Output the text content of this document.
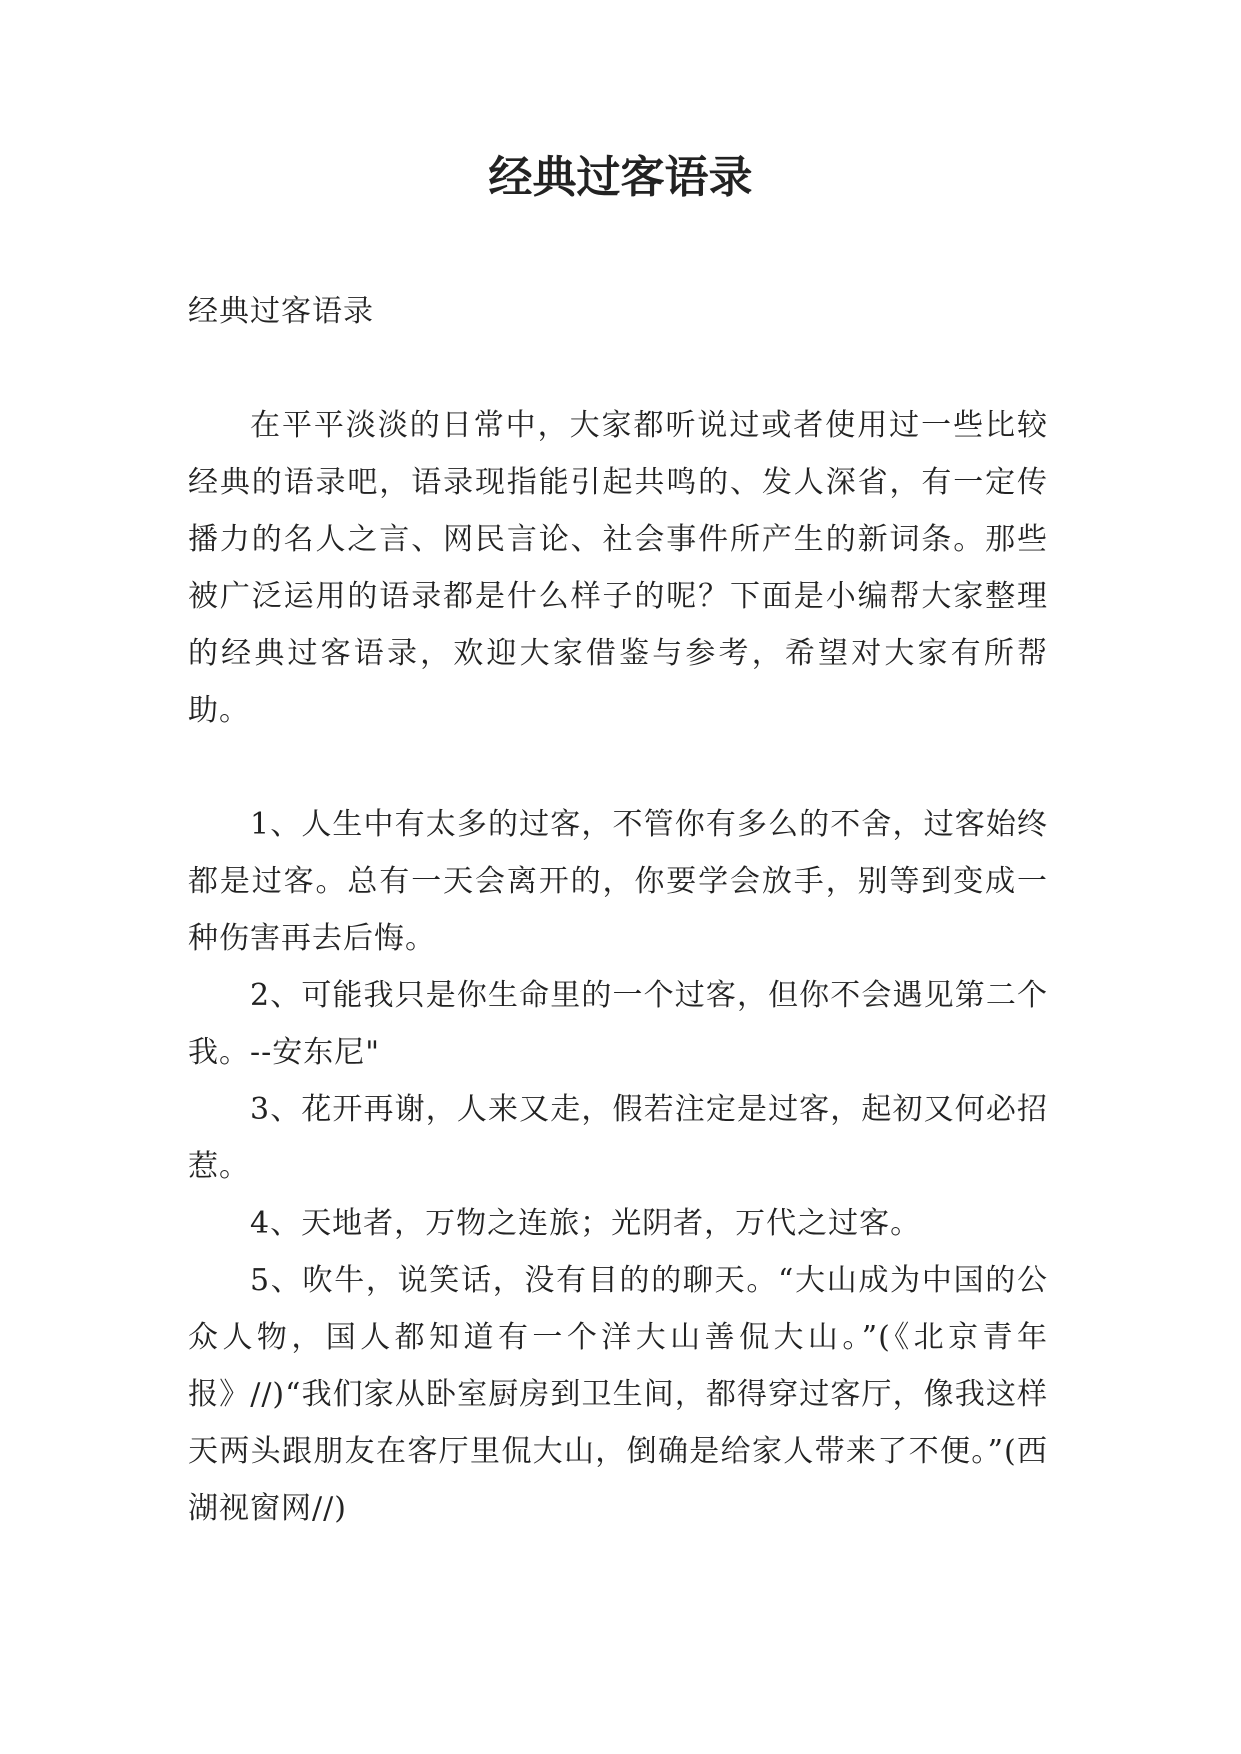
经典过客语录

经典过客语录

在平平淡淡的日常中，大家都听说过或者使用过一些比较经典的语录吧，语录现指能引起共鸣的、发人深省，有一定传播力的名人之言、网民言论、社会事件所产生的新词条。那些被广泛运用的语录都是什么样子的呢？下面是小编帮大家整理的经典过客语录，欢迎大家借鉴与参考，希望对大家有所帮助。

1、人生中有太多的过客，不管你有多么的不舍，过客始终都是过客。总有一天会离开的，你要学会放手，别等到变成一种伤害再去后悔。

2、可能我只是你生命里的一个过客，但你不会遇见第二个我。--安东尼"

3、花开再谢，人来又走，假若注定是过客，起初又何必招惹。

4、天地者，万物之连旅；光阴者，万代之过客。

5、吹牛，说笑话，没有目的的聊天。“大山成为中国的公众人物，国人都知道有一个洋大山善侃大山。”(《北京青年报》//)“我们家从卧室厨房到卫生间，都得穿过客厅，像我这样天两头跟朋友在客厅里侃大山，倒确是给家人带来了不便。”(西湖视窗网//)
